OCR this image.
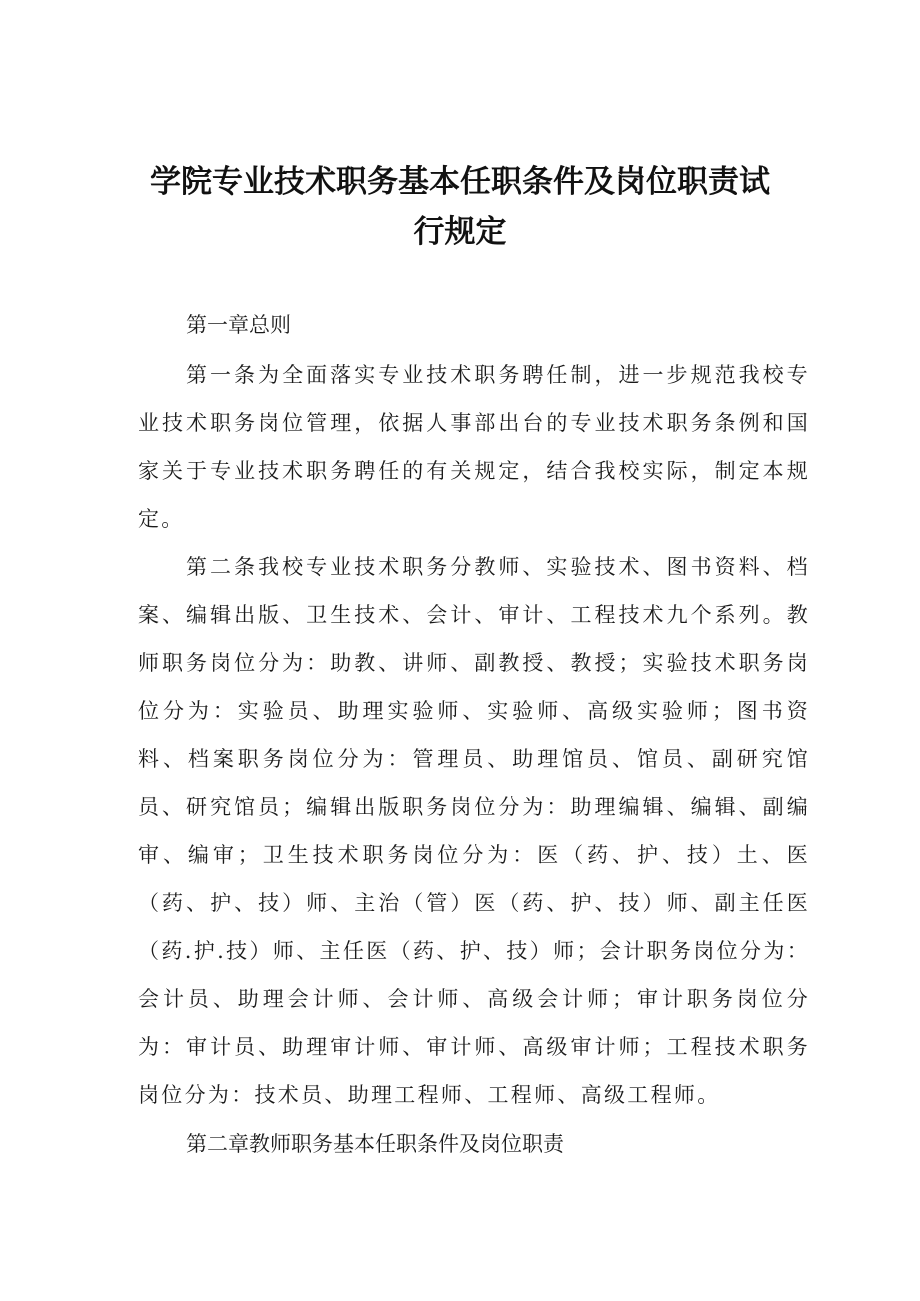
学院专业技术职务基本任职条件及岗位职责试
行规定
第一章总则
第一条为全面落实专业技术职务聘任制，进一步规范我校专业技术职务岗位管理，依据人事部出台的专业技术职务条例和国家关于专业技术职务聘任的有关规定，结合我校实际，制定本规定。
第二条我校专业技术职务分教师、实验技术、图书资料、档案、编辑出版、卫生技术、会计、审计、工程技术九个系列。教师职务岗位分为：助教、讲师、副教授、教授；实验技术职务岗位分为：实验员、助理实验师、实验师、高级实验师；图书资料、档案职务岗位分为：管理员、助理馆员、馆员、副研究馆员、研究馆员；编辑出版职务岗位分为：助理编辑、编辑、副编审、编审；卫生技术职务岗位分为：医（药、护、技）土、医（药、护、技）师、主治（管）医（药、护、技）师、副主任医（药.护.技）师、主任医（药、护、技）师；会计职务岗位分为：会计员、助理会计师、会计师、高级会计师；审计职务岗位分为：审计员、助理审计师、审计师、高级审计师；工程技术职务岗位分为：技术员、助理工程师、工程师、高级工程师。
第二章教师职务基本任职条件及岗位职责
